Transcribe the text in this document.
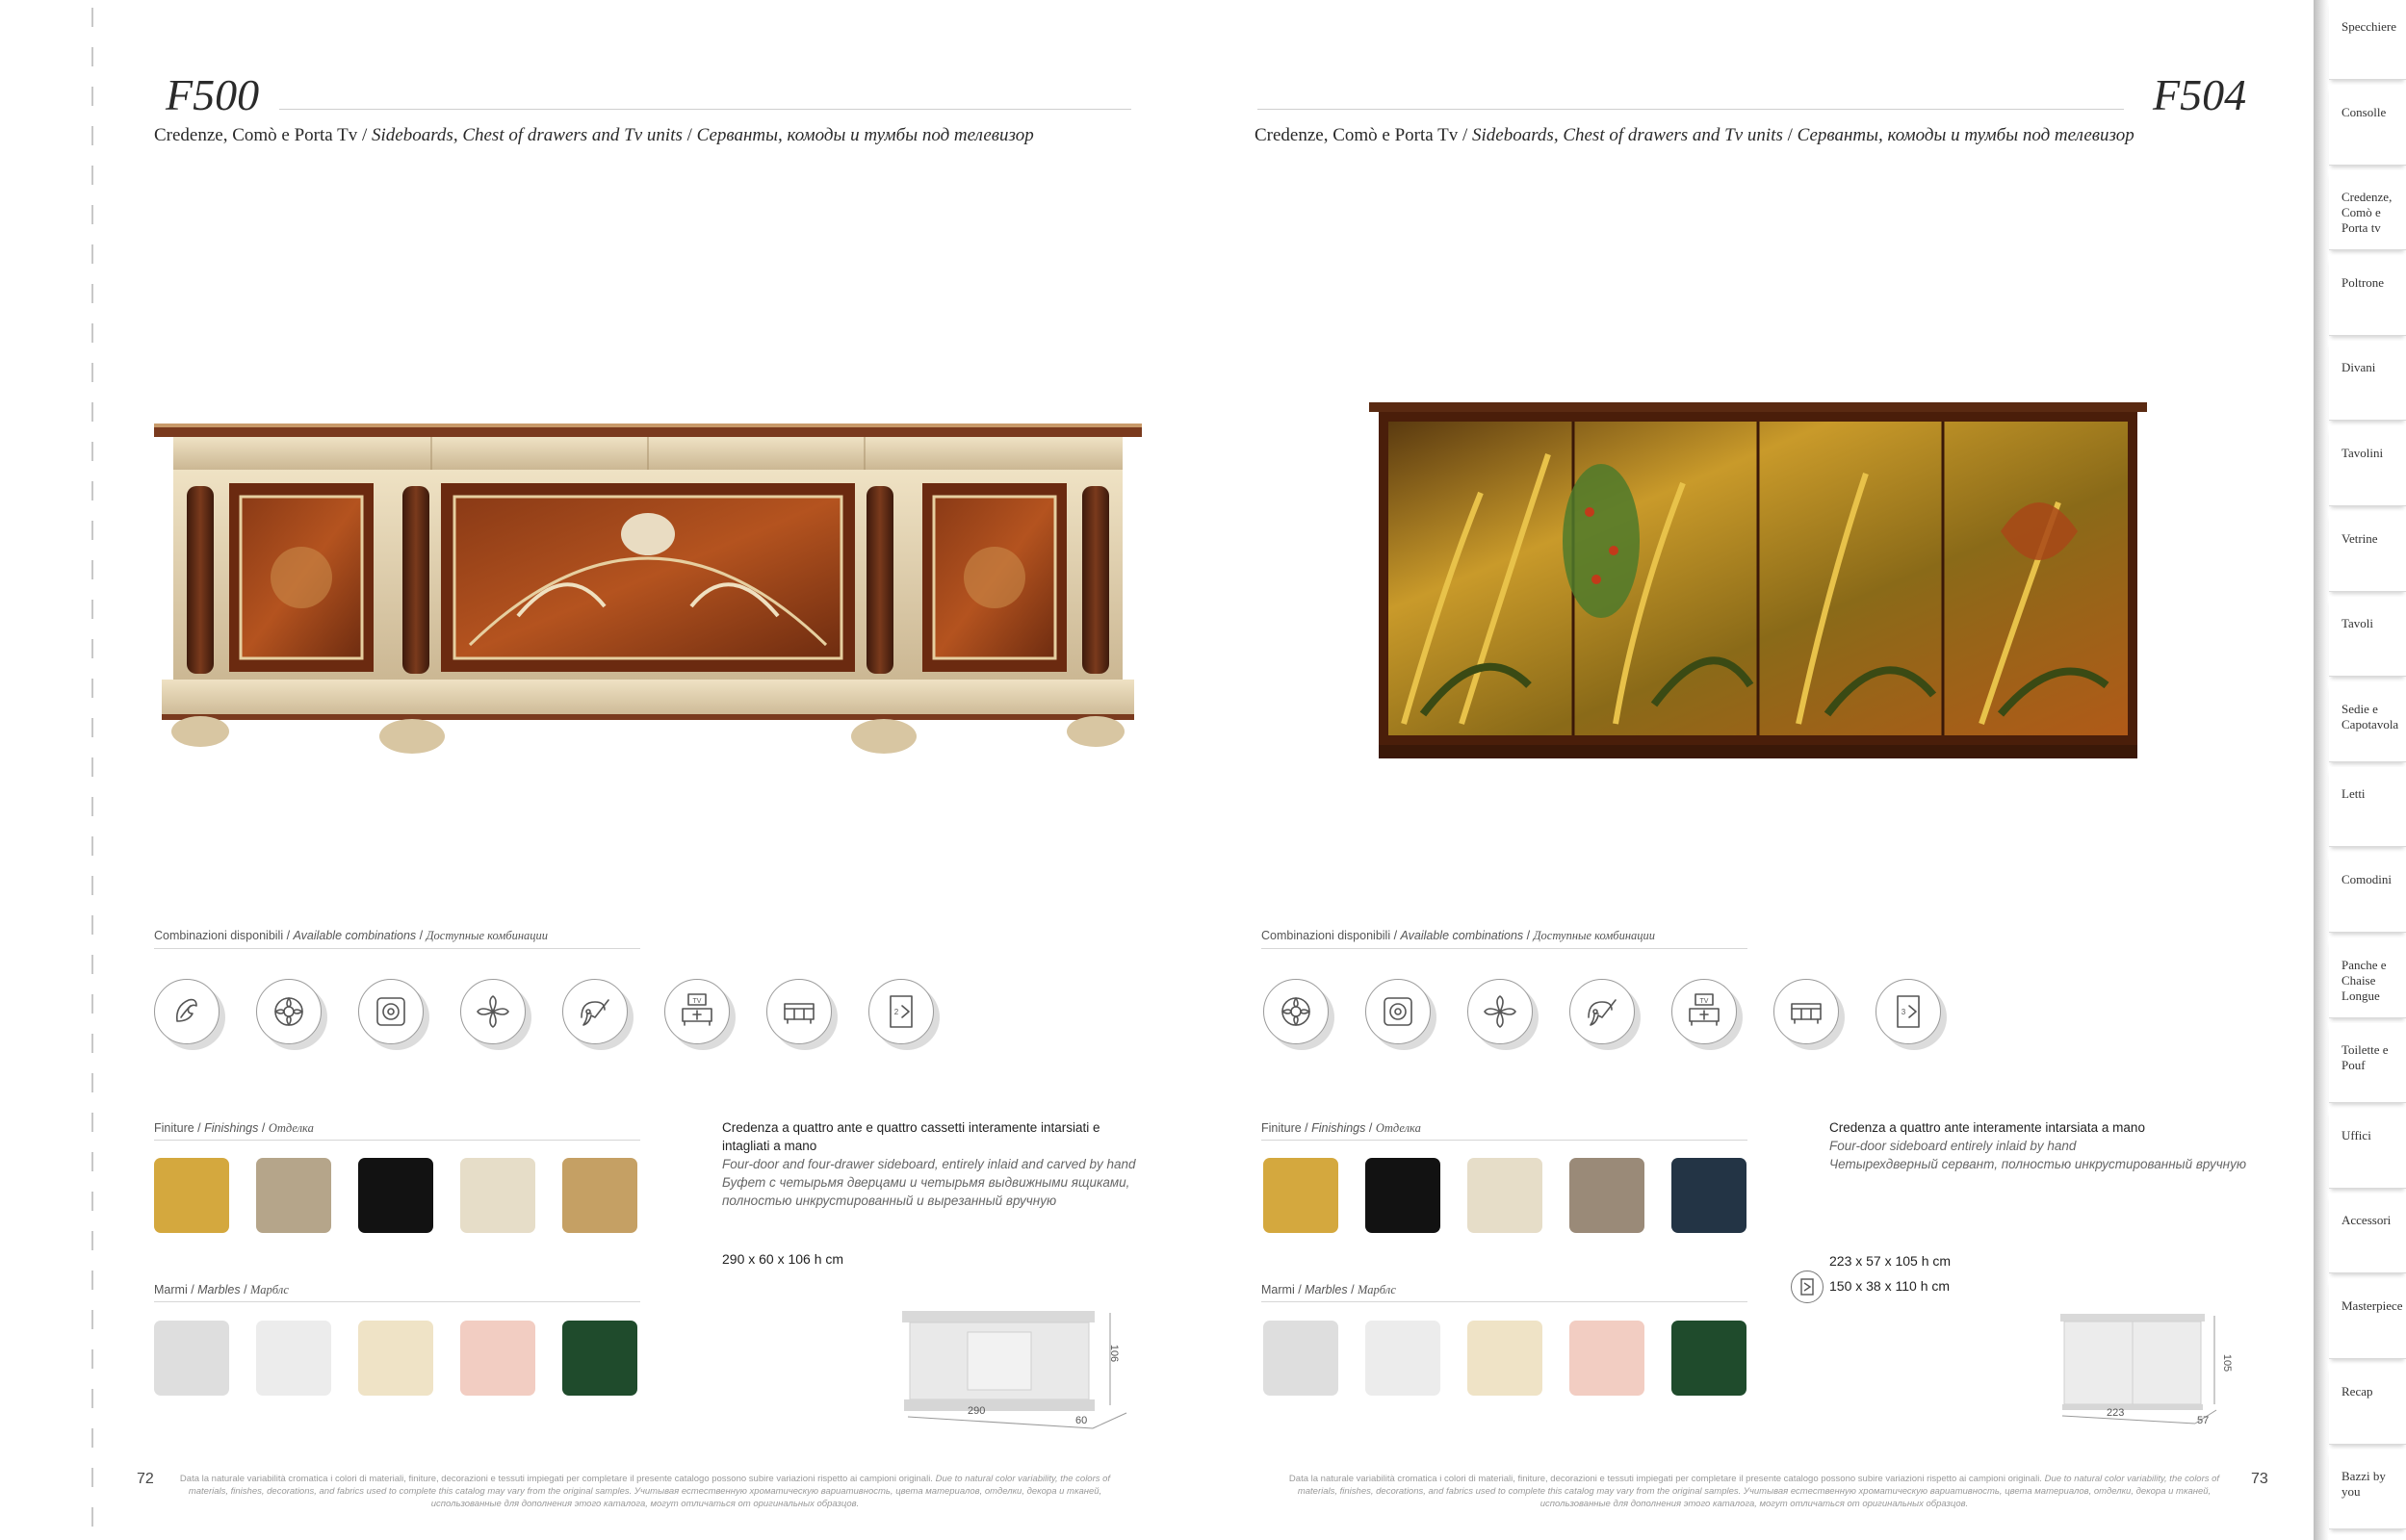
F500
Credenze, Comò e Porta Tv / Sideboards, Chest of drawers and Tv units / Серванты, комоды и тумбы под телевизор
Combinazioni disponibili / Available combinations / Доступные комбинации
TV
2
Finiture / Finishings / Отделка
Marmi / Marbles / Марблс
Credenza a quattro ante e quattro cassetti interamente intarsiati e intagliati a mano
Four-door and four-drawer sideboard, entirely inlaid and carved by hand
Буфет с четырьмя дверцами и четырьмя выдвижными ящиками, полностью инкрустированный и вырезанный вручную
290 x 60 x 106 h cm
290
60
106
72	Data la naturale variabilità cromatica i colori di materiali, finiture, decorazioni e tessuti impiegati per completare il presente catalogo possono subire variazioni rispetto ai campioni originali. Due to natural color variability, the colors of materials, finishes, decorations, and fabrics used to complete this catalog may vary from the original samples. Учитывая естественную хроматическую вариативность, цвета материалов, отделки, декора и тканей, использованные для дополнения этого каталога, могут отличаться от оригинальных образцов.
F504
Credenze, Comò e Porta Tv / Sideboards, Chest of drawers and Tv units / Серванты, комоды и тумбы под телевизор
Combinazioni disponibili / Available combinations / Доступные комбинации
TV
3
Finiture / Finishings / Отделка
Marmi / Marbles / Марблс
Credenza a quattro ante interamente intarsiata a mano
Four-door sideboard entirely inlaid by hand
Четырехдверный сервант, полностью инкрустированный вручную
223 x 57 x 105 h cm
150 x 38 x 110 h cm
223
57
105
Data la naturale variabilità cromatica i colori di materiali, finiture, decorazioni e tessuti impiegati per completare il presente catalogo possono subire variazioni rispetto ai campioni originali. Due to natural color variability, the colors of materials, finishes, decorations, and fabrics used to complete this catalog may vary from the original samples. Учитывая естественную хроматическую вариативность, цвета материалов, отделки, декора и тканей, использованные для дополнения этого каталога, могут отличаться от оригинальных образцов.
73
Specchiere
Consolle
Credenze, Comò e Porta tv
Poltrone
Divani
Tavolini
Vetrine
Tavoli
Sedie e Capotavola
Letti
Comodini
Panche e Chaise Longue
Toilette e Pouf
Uffici
Accessori
Masterpiece
Recap
Bazzi by you
